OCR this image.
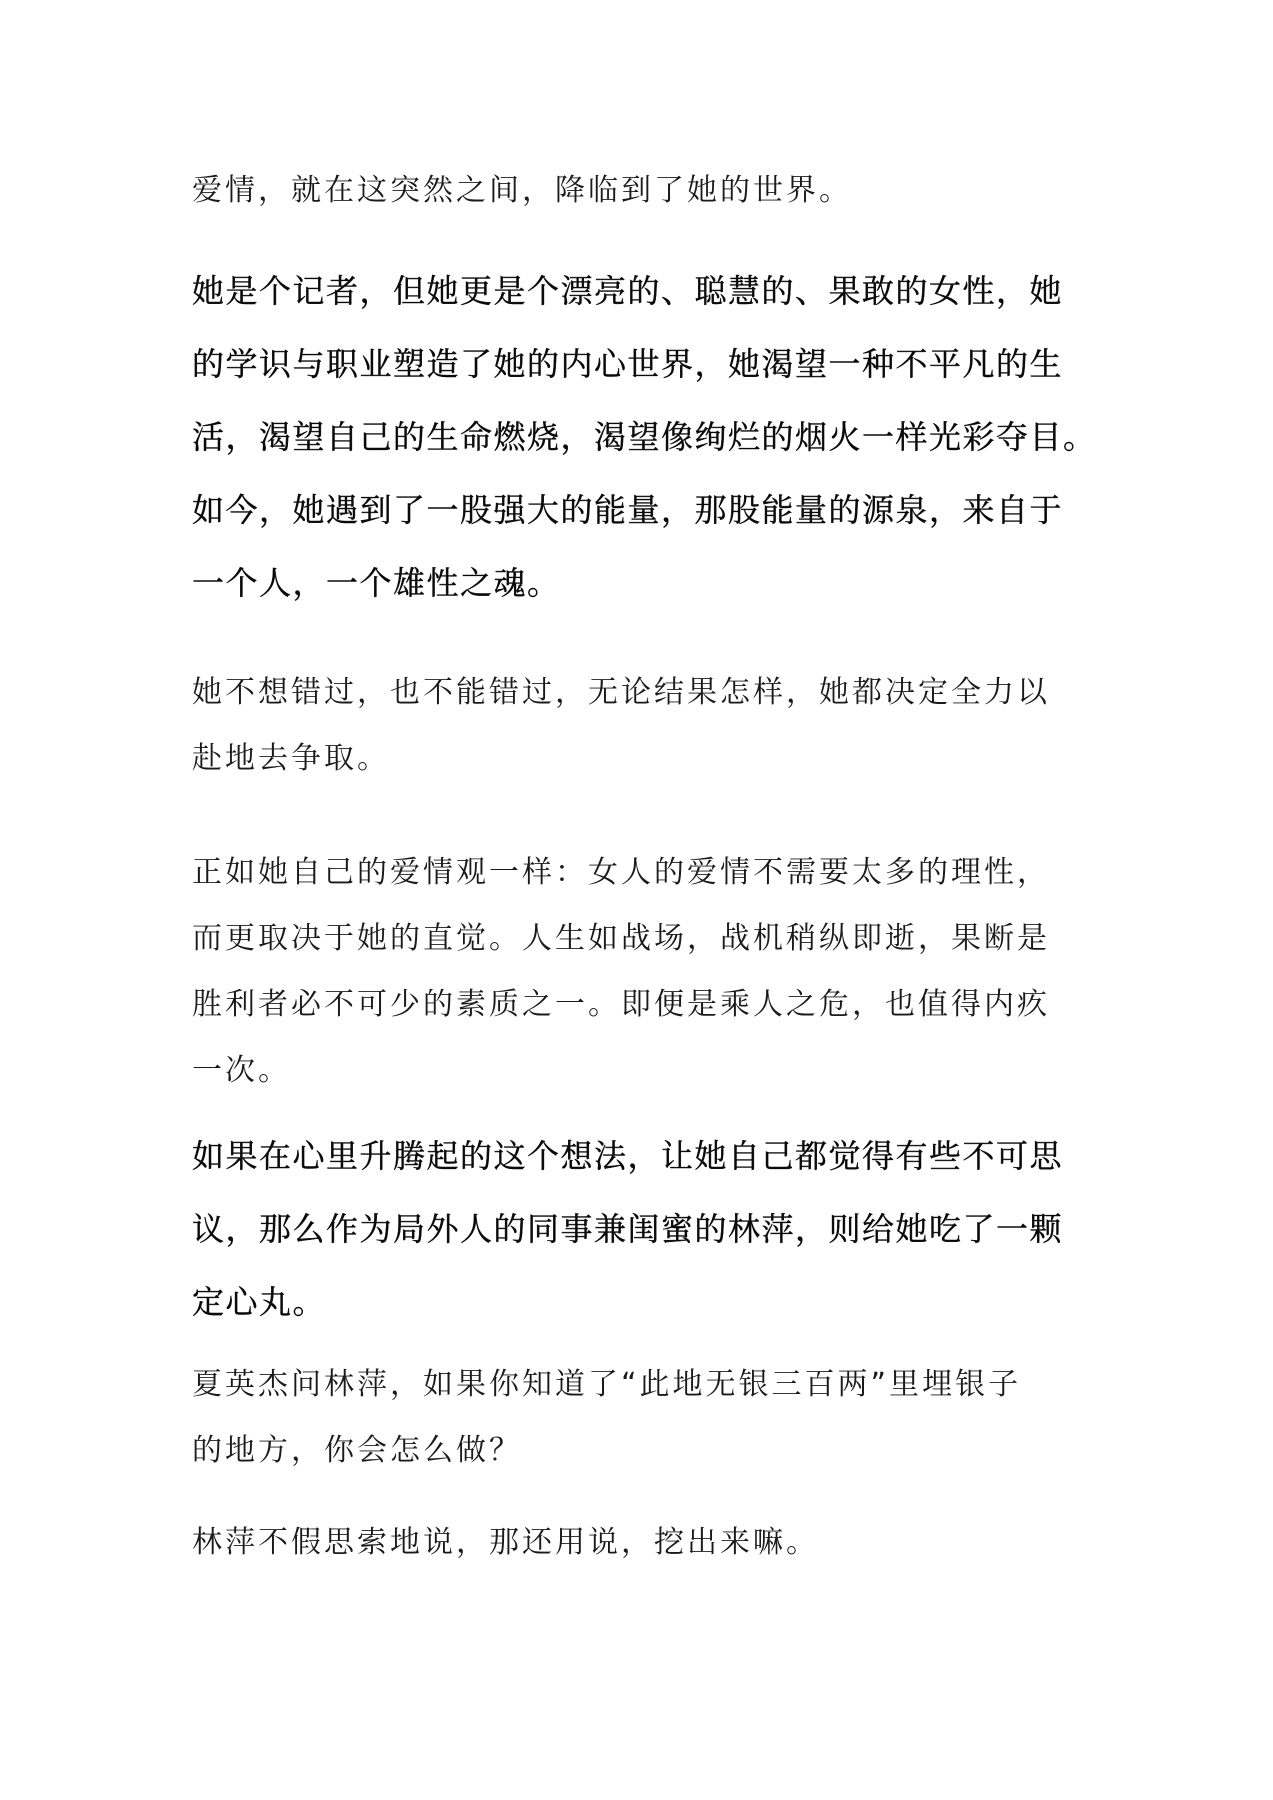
爱情，就在这突然之间，降临到了她的世界。

她是个记者，但她更是个漂亮的、聪慧的、果敢的女性，她
的学识与职业塑造了她的内心世界，她渴望一种不平凡的生
活，渴望自己的生命燃烧，渴望像绚烂的烟火一样光彩夺目。
如今，她遇到了一股强大的能量，那股能量的源泉，来自于
一个人，一个雄性之魂。

她不想错过，也不能错过，无论结果怎样，她都决定全力以
赴地去争取。

正如她自己的爱情观一样：女人的爱情不需要太多的理性，
而更取决于她的直觉。人生如战场，战机稍纵即逝，果断是
胜利者必不可少的素质之一。即便是乘人之危，也值得内疚
一次。

如果在心里升腾起的这个想法，让她自己都觉得有些不可思
议，那么作为局外人的同事兼闺蜜的林萍，则给她吃了一颗
定心丸。

夏英杰问林萍，如果你知道了“此地无银三百两”里埋银子
的地方，你会怎么做？

林萍不假思索地说，那还用说，挖出来嘛。
